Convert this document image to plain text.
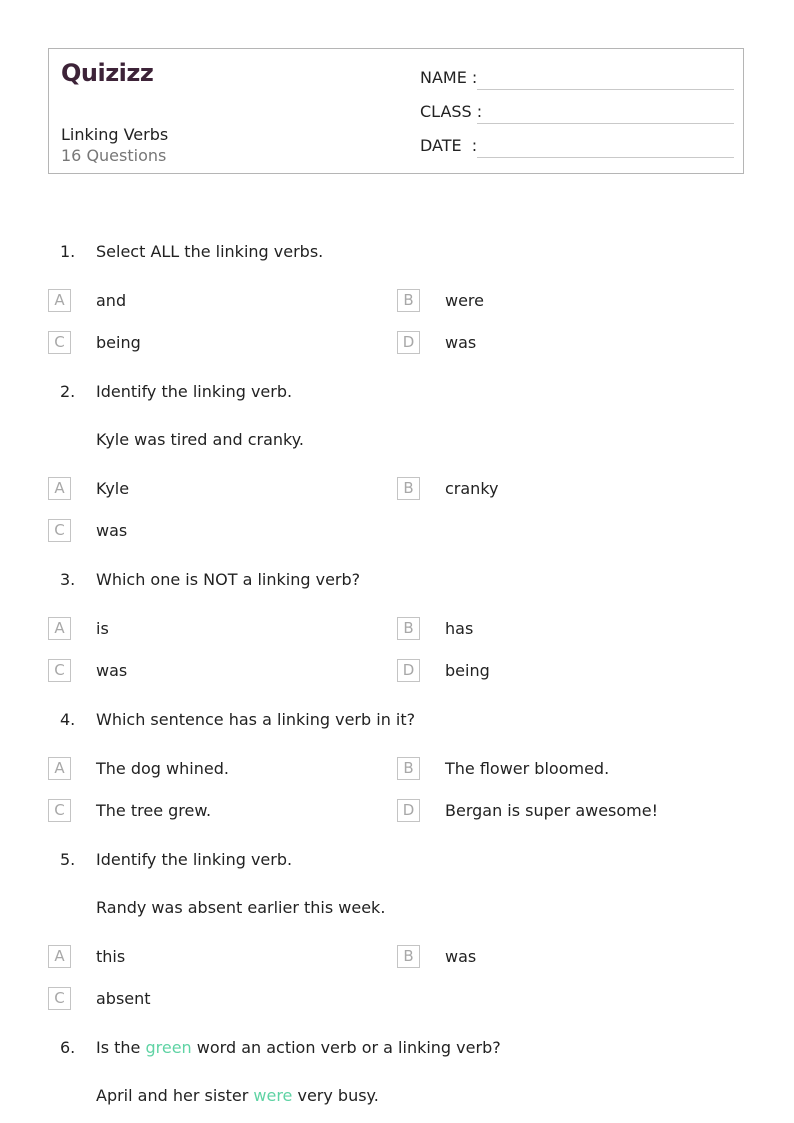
Quizizz
Linking Verbs
16 Questions
NAME :
CLASS :
DATE  :
1. Select ALL the linking verbs.
A	and	B	were
C	being	D	was
2. Identify the linking verb.
Kyle was tired and cranky.
A	Kyle	B	cranky
C	was
3. Which one is NOT a linking verb?
A	is	B	has
C	was	D	being
4. Which sentence has a linking verb in it?
A	The dog whined.	B	The flower bloomed.
C	The tree grew.	D	Bergan is super awesome!
5. Identify the linking verb.
Randy was absent earlier this week.
A	this	B	was
C	absent
6. Is the green word an action verb or a linking verb?
April and her sister were very busy.
